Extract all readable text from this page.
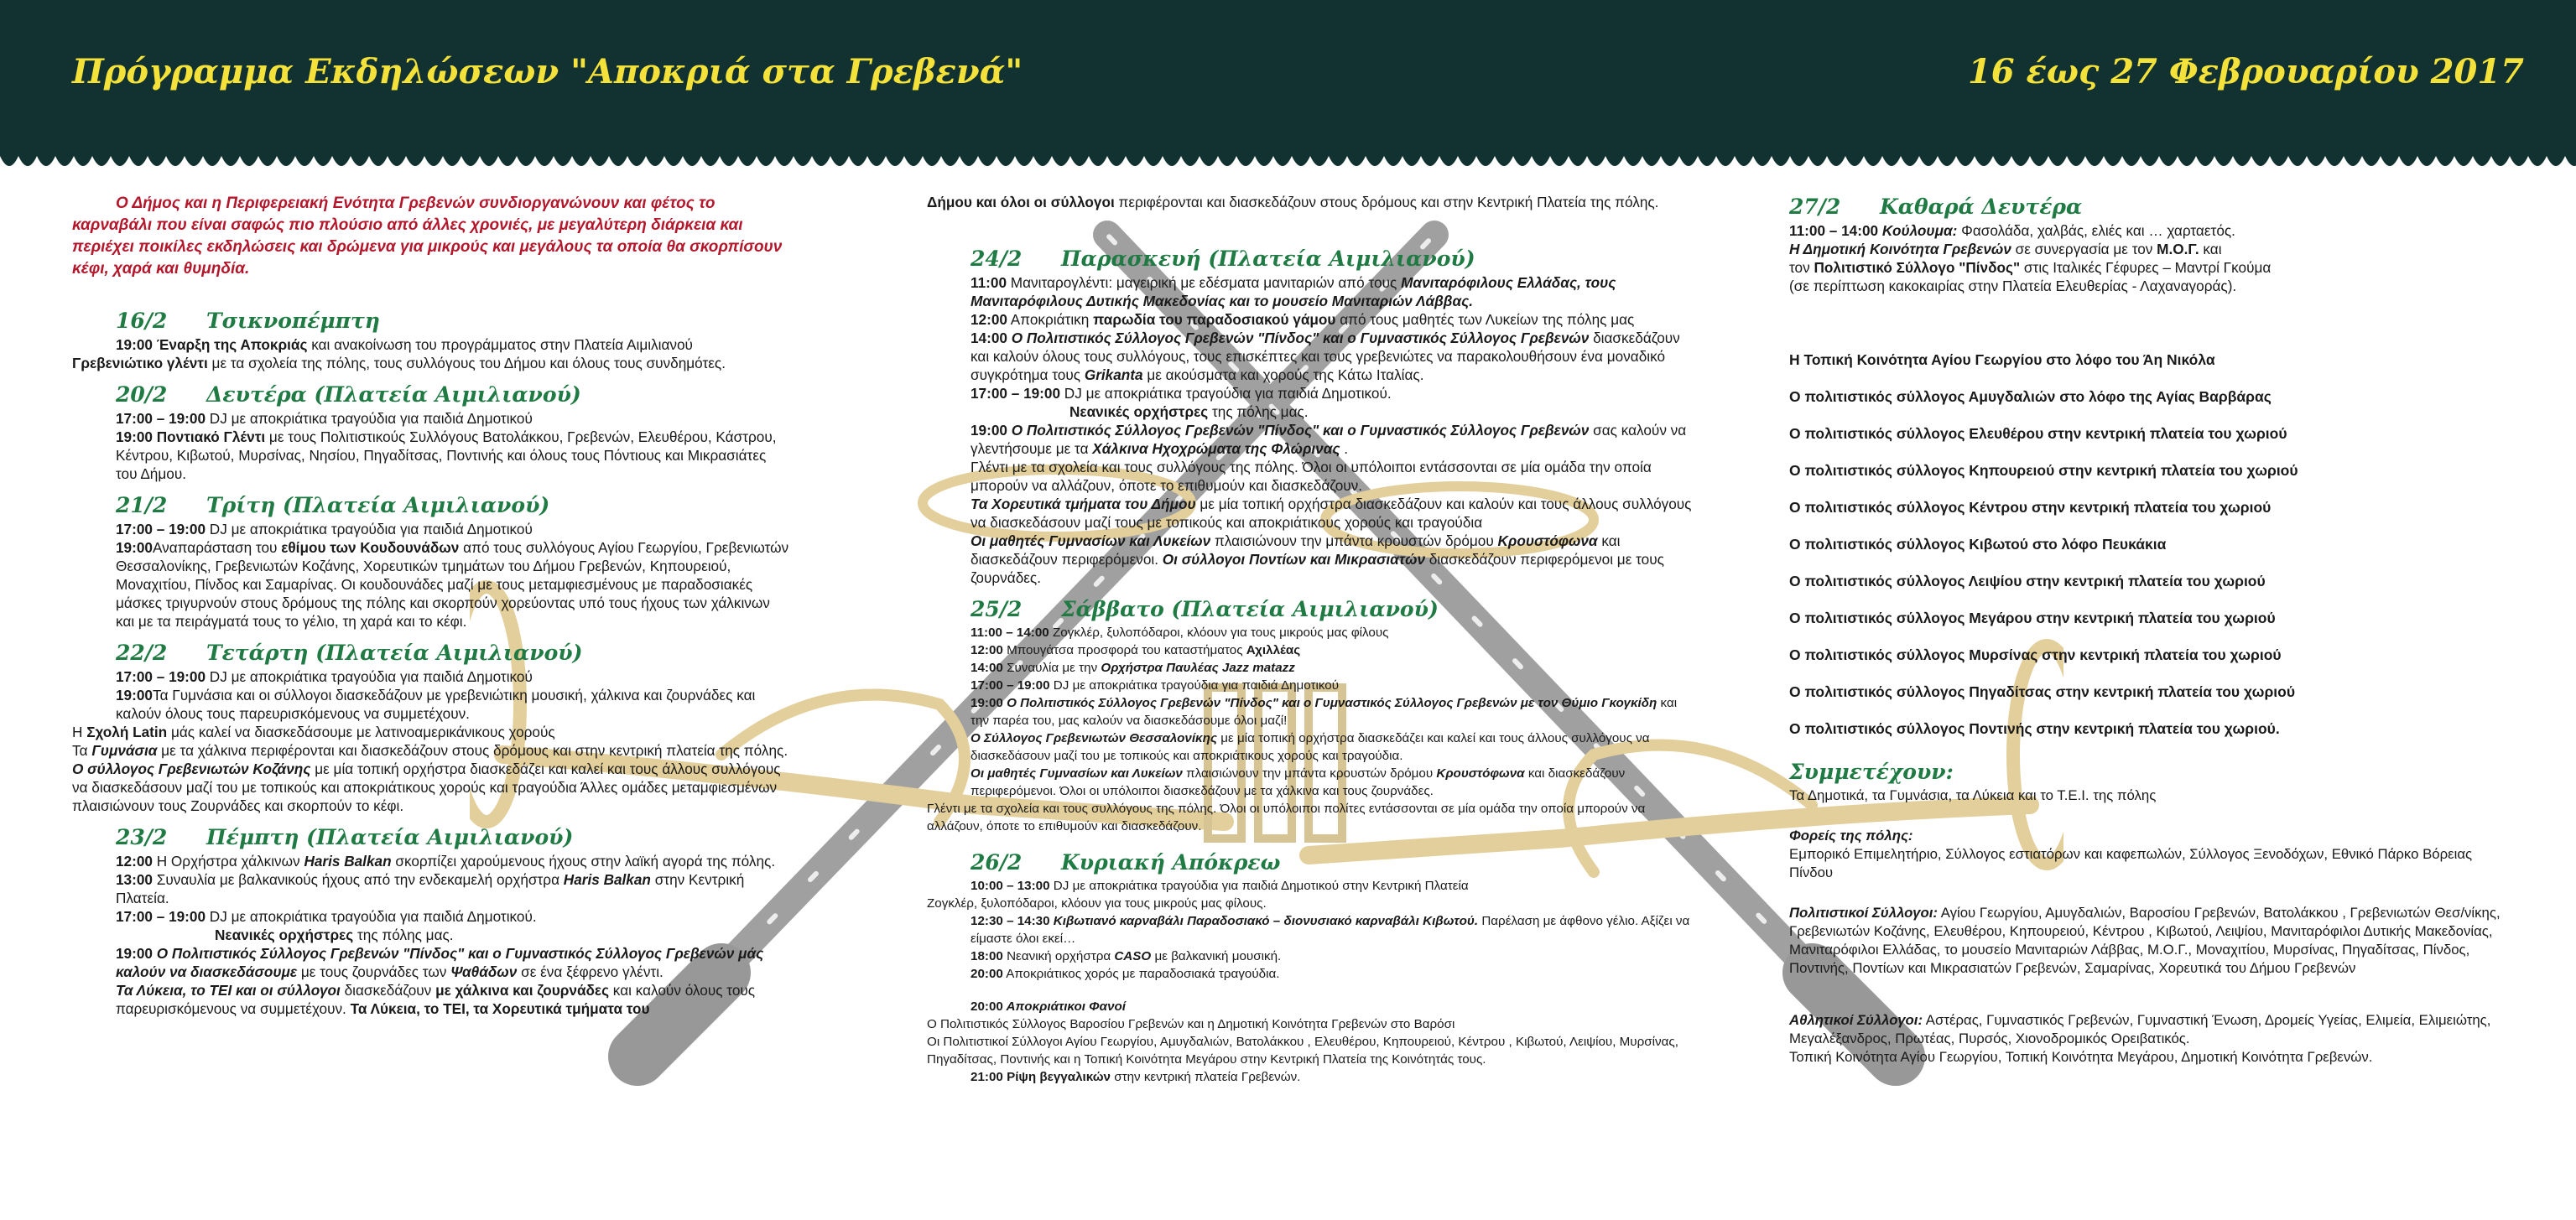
Πρόγραμμα Εκδηλώσεων "Αποκριά στα Γρεβενά"	16 έως 27 Φεβρουαρίου 2017

Ο Δήμος και η Περιφερειακή Ενότητα Γρεβενών συνδιοργανώνουν και φέτος το καρναβάλι που είναι σαφώς πιο πλούσιο από άλλες χρονιές, με μεγαλύτερη διάρκεια και περιέχει ποικίλες εκδηλώσεις και δρώμενα για μικρούς και μεγάλους τα οποία θα σκορπίσουν κέφι, χαρά και θυμηδία.

16/2 Τσικνοπέμπτη

19:00 Έναρξη της Αποκριάς και ανακοίνωση του προγράμματος στην Πλατεία Αιμιλιανού

Γρεβενιώτικο γλέντι με τα σχολεία της πόλης, τους συλλόγους του Δήμου και όλους τους συνδημότες.

20/2 Δευτέρα (Πλατεία Αιμιλιανού)

17:00 – 19:00 DJ με αποκριάτικα τραγούδια για παιδιά Δημοτικού

19:00 Ποντιακό Γλέντι με τους Πολιτιστικούς Συλλόγους Βατολάκκου, Γρεβενών, Ελευθέρου, Κάστρου, Κέντρου, Κιβωτού, Μυρσίνας, Νησίου, Πηγαδίτσας, Ποντινής και όλους τους Πόντιους και Μικρασιάτες του Δήμου.

21/2 Τρίτη (Πλατεία Αιμιλιανού)

17:00 – 19:00 DJ με αποκριάτικα τραγούδια για παιδιά Δημοτικού

19:00Αναπαράσταση του εθίμου των Κουδουνάδων από τους συλλόγους Αγίου Γεωργίου, Γρεβενιωτών Θεσσαλονίκης, Γρεβενιωτών Κοζάνης, Χορευτικών τμημάτων του Δήμου Γρεβενών, Κηπουρειού, Μοναχιτίου, Πίνδος και Σαμαρίνας. Οι κουδουνάδες μαζί με τους μεταμφιεσμένους με παραδοσιακές μάσκες τριγυρνούν στους δρόμους της πόλης και σκορπούν χορεύοντας υπό τους ήχους των χάλκινων και με τα πειράγματά τους το γέλιο, τη χαρά και το κέφι.

22/2 Τετάρτη (Πλατεία Αιμιλιανού)

17:00 – 19:00 DJ με αποκριάτικα τραγούδια για παιδιά Δημοτικού

19:00Τα Γυμνάσια και οι σύλλογοι διασκεδάζουν με γρεβενιώτικη μουσική, χάλκινα και ζουρνάδες και καλούν όλους τους παρευρισκόμενους να συμμετέχουν.

Η Σχολή Latin μάς καλεί να διασκεδάσουμε με λατινοαμερικάνικους χορούς

Τα Γυμνάσια με τα χάλκινα περιφέρονται και διασκεδάζουν στους δρόμους και στην κεντρική πλατεία της πόλης.

Ο σύλλογος Γρεβενιωτών Κοζάνης με μία τοπική ορχήστρα διασκεδάζει και καλεί και τους άλλους συλλόγους να διασκεδάσουν μαζί του με τοπικούς και αποκριάτικους χορούς και τραγούδια Άλλες ομάδες μεταμφιεσμένων πλαισιώνουν τους Ζουρνάδες και σκορπούν το κέφι.

23/2 Πέμπτη (Πλατεία Αιμιλιανού)

12:00 Η Ορχήστρα χάλκινων Haris Balkan σκορπίζει χαρούμενους ήχους στην λαϊκή αγορά της πόλης.

13:00 Συναυλία με βαλκανικούς ήχους από την ενδεκαμελή ορχήστρα Haris Balkan στην Κεντρική Πλατεία.

17:00 – 19:00 DJ με αποκριάτικα τραγούδια για παιδιά Δημοτικού.

Νεανικές ορχήστρες της πόλης μας.

19:00 Ο Πολιτιστικός Σύλλογος Γρεβενών "Πίνδος" και ο Γυμναστικός Σύλλογος Γρεβενών μάς καλούν να διασκεδάσουμε με τους ζουρνάδες των Ψαθάδων σε ένα ξέφρενο γλέντι.

Τα Λύκεια, το ΤΕΙ και οι σύλλογοι διασκεδάζουν με χάλκινα και ζουρνάδες και καλούν όλους τους παρευρισκόμενους να συμμετέχουν. Τα Λύκεια, το ΤΕΙ, τα Χορευτικά τμήματα του

Δήμου και όλοι οι σύλλογοι περιφέρονται και διασκεδάζουν στους δρόμους και στην Κεντρική Πλατεία της πόλης.

24/2 Παρασκευή (Πλατεία Αιμιλιανού)

11:00 Μανιταρογλέντι: μαγειρική με εδέσματα μανιταριών από τους Μανιταρόφιλους Ελλάδας, τους Μανιταρόφιλους Δυτικής Μακεδονίας και το μουσείο Μανιταριών Λάββας.

12:00 Αποκριάτικη παρωδία του παραδοσιακού γάμου από τους μαθητές των Λυκείων της πόλης μας

14:00 Ο Πολιτιστικός Σύλλογος Γρεβενών "Πίνδος" και ο Γυμναστικός Σύλλογος Γρεβενών διασκεδάζουν και καλούν όλους τους συλλόγους, τους επισκέπτες και τους γρεβενιώτες να παρακολουθήσουν ένα μοναδικό συγκρότημα τους Grikanta με ακούσματα και χορούς της Κάτω Ιταλίας.

17:00 – 19:00 DJ με αποκριάτικα τραγούδια για παιδιά Δημοτικού.

Νεανικές ορχήστρες της πόλης μας.

19:00 Ο Πολιτιστικός Σύλλογος Γρεβενών "Πίνδος" και ο Γυμναστικός Σύλλογος Γρεβενών σας καλούν να γλεντήσουμε με τα Χάλκινα Ηχοχρώματα της Φλώρινας .

Γλέντι με τα σχολεία και τους συλλόγους της πόλης. Όλοι οι υπόλοιποι εντάσσονται σε μία ομάδα την οποία μπορούν να αλλάζουν, όποτε το επιθυμούν και διασκεδάζουν.

Τα Χορευτικά τμήματα του Δήμου με μία τοπική ορχήστρα διασκεδάζουν και καλούν και τους άλλους συλλόγους να διασκεδάσουν μαζί τους με τοπικούς και αποκριάτικους χορούς και τραγούδια

Οι μαθητές Γυμνασίων και Λυκείων πλαισιώνουν την μπάντα κρουστών δρόμου Κρουστόφωνα και διασκεδάζουν περιφερόμενοι. Οι σύλλογοι Ποντίων και Μικρασιατών διασκεδάζουν περιφερόμενοι με τους ζουρνάδες.

25/2 Σάββατο (Πλατεία Αιμιλιανού)

11:00 – 14:00 Ζογκλέρ, ξυλοπόδαροι, κλόουν για τους μικρούς μας φίλους

12:00 Μπουγάτσα προσφορά του καταστήματος Αχιλλέας

14:00 Συναυλία με την Ορχήστρα Παυλέας Jazz matazz

17:00 – 19:00 DJ με αποκριάτικα τραγούδια για παιδιά Δημοτικού

19:00 Ο Πολιτιστικός Σύλλογος Γρεβενών "Πίνδος" και ο Γυμναστικός Σύλλογος Γρεβενών με τον Θύμιο Γκογκίδη και την παρέα του, μας καλούν να διασκεδάσουμε όλοι μαζί!

Ο Σύλλογος Γρεβενιωτών Θεσσαλονίκης με μία τοπική ορχήστρα διασκεδάζει και καλεί και τους άλλους συλλόγους να διασκεδάσουν μαζί του με τοπικούς και αποκριάτικους χορούς και τραγούδια.

Οι μαθητές Γυμνασίων και Λυκείων πλαισιώνουν την μπάντα κρουστών δρόμου Κρουστόφωνα και διασκεδάζουν περιφερόμενοι. Όλοι οι υπόλοιποι διασκεδάζουν με τα χάλκινα και τους ζουρνάδες.

Γλέντι με τα σχολεία και τους συλλόγους της πόλης. Όλοι οι υπόλοιποι πολίτες εντάσσονται σε μία ομάδα την οποία μπορούν να αλλάζουν, όποτε το επιθυμούν και διασκεδάζουν.

26/2 Κυριακή Απόκρεω

10:00 – 13:00 DJ με αποκριάτικα τραγούδια για παιδιά Δημοτικού στην Κεντρική Πλατεία

Ζογκλέρ, ξυλοπόδαροι, κλόουν για τους μικρούς μας φίλους.

12:30 – 14:30 Κιβωτιανό καρναβάλι Παραδοσιακό – διονυσιακό καρναβάλι Κιβωτού. Παρέλαση με άφθονο γέλιο. Αξίζει να είμαστε όλοι εκεί…

18:00 Νεανική ορχήστρα CASO με βαλκανική μουσική.

20:00 Αποκριάτικος χορός με παραδοσιακά τραγούδια.

20:00 Αποκριάτικοι Φανοί

Ο Πολιτιστικός Σύλλογος Βαροσίου Γρεβενών και η Δημοτική Κοινότητα Γρεβενών στο Βαρόσι

Οι Πολιτιστικοί Σύλλογοι Αγίου Γεωργίου, Αμυγδαλιών, Βατολάκκου , Ελευθέρου, Κηπουρειού, Κέντρου , Κιβωτού, Λειψίου, Μυρσίνας, Πηγαδίτσας, Ποντινής και η Τοπική Κοινότητα Μεγάρου στην Κεντρική Πλατεία της Κοινότητάς τους.

21:00 Ρίψη βεγγαλικών στην κεντρική πλατεία Γρεβενών.

27/2 Καθαρά Δευτέρα

11:00 – 14:00 Κούλουμα: Φασολάδα, χαλβάς, ελιές και … χαρταετός.

Η Δημοτική Κοινότητα Γρεβενών σε συνεργασία με τον Μ.Ο.Γ. και

τον Πολιτιστικό Σύλλογο "Πίνδος" στις Ιταλικές Γέφυρες – Μαντρί Γκούμα

(σε περίπτωση κακοκαιρίας στην Πλατεία Ελευθερίας - Λαχαναγοράς).

Η Τοπική Κοινότητα Αγίου Γεωργίου στο λόφο του Άη Νικόλα

Ο πολιτιστικός σύλλογος Αμυγδαλιών στο λόφο της Αγίας Βαρβάρας

Ο πολιτιστικός σύλλογος Ελευθέρου στην κεντρική πλατεία του χωριού

Ο πολιτιστικός σύλλογος Κηπουρειού στην κεντρική πλατεία του χωριού

Ο πολιτιστικός σύλλογος Κέντρου στην κεντρική πλατεία του χωριού

Ο πολιτιστικός σύλλογος Κιβωτού στο λόφο Πευκάκια

Ο πολιτιστικός σύλλογος Λειψίου στην κεντρική πλατεία του χωριού

Ο πολιτιστικός σύλλογος Μεγάρου στην κεντρική πλατεία του χωριού

Ο πολιτιστικός σύλλογος Μυρσίνας στην κεντρική πλατεία του χωριού

Ο πολιτιστικός σύλλογος Πηγαδίτσας στην κεντρική πλατεία του χωριού

Ο πολιτιστικός σύλλογος Ποντινής στην κεντρική πλατεία του χωριού.

Συμμετέχουν:

Τα Δημοτικά, τα Γυμνάσια, τα Λύκεια και το Τ.Ε.Ι. της πόλης

Φορείς της πόλης:

Εμπορικό Επιμελητήριο, Σύλλογος εστιατόρων και καφεπωλών, Σύλλογος Ξενοδόχων, Εθνικό Πάρκο Βόρειας Πίνδου

Πολιτιστικοί Σύλλογοι: Αγίου Γεωργίου, Αμυγδαλιών, Βαροσίου Γρεβενών, Βατολάκκου , Γρεβενιωτών Θεσ/νίκης, Γρεβενιωτών Κοζάνης, Ελευθέρου, Κηπουρειού, Κέντρου , Κιβωτού, Λειψίου, Μανιταρόφιλοι Δυτικής Μακεδονίας, Μανιταρόφιλοι Ελλάδας, το μουσείο Μανιταριών Λάββας, Μ.Ο.Γ., Μοναχιτίου, Μυρσίνας, Πηγαδίτσας, Πίνδος, Ποντινής, Ποντίων και Μικρασιατών Γρεβενών, Σαμαρίνας, Χορευτικά του Δήμου Γρεβενών

Αθλητικοί Σύλλογοι: Αστέρας, Γυμναστικός Γρεβενών, Γυμναστική Ένωση, Δρομείς Υγείας, Ελιμεία, Ελιμειώτης, Μεγαλέξανδρος, Πρωτέας, Πυρσός, Χιονοδρομικός Ορειβατικός.

Τοπική Κοινότητα Αγίου Γεωργίου, Τοπική Κοινότητα Μεγάρου, Δημοτική Κοινότητα Γρεβενών.
